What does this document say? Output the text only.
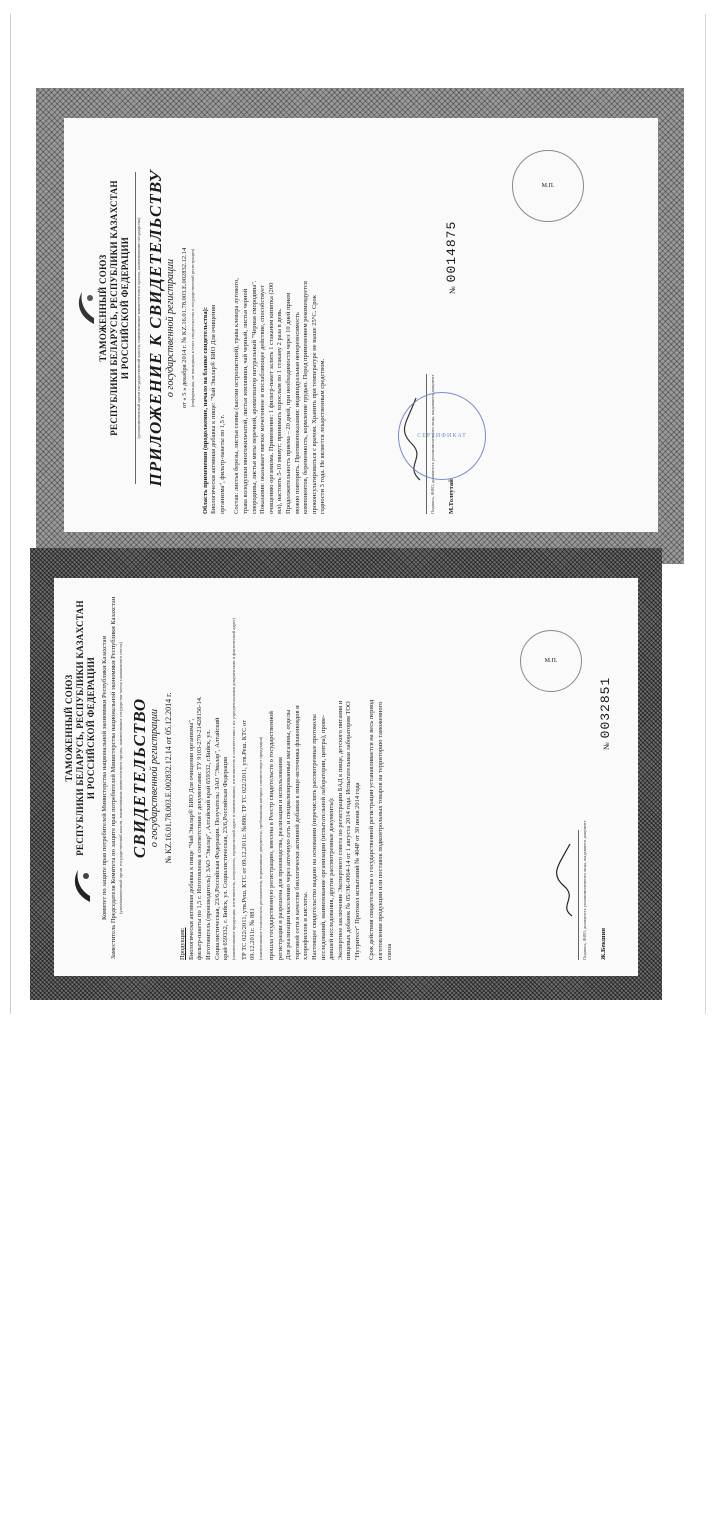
ТАМОЖЕННЫЙ СОЮЗ РЕСПУБЛИКИ БЕЛАРУСЬ, РЕСПУБЛИКИ КАЗАХСТАН И РОССИЙСКОЙ ФЕДЕРАЦИИ (уполномоченный орган государственной власти, наименование компетентного органа, наименование государства) ПРИЛОЖЕНИЕ К СВИДЕТЕЛЬСТВУ о государственной регистрации от « 5 » декабря 2014 г. № KZ.16.01.78.003.E.002832.12.14 (информация, не вошедшая в текст свидетельства о государственной регистрации) Область применения (продолжение, начало на бланке свидетельства): Биологически активная добавка к пище: "Чай Эвалар® БИО Для очищения организма", фильтр-пакеты по 1,5 г. Состав: листья березы, листья сенны (кассии остролистной), трава клевера лугового, трава володушки многожильчатой, листья земляники, чай черный, листья черной смородины, листья мяты перечной, ароматизатор натуральный "Черная смородина". Показания: оказывает мягкое мочегонное и послабляющее действие, способствует очищению организма. Применение: 1 фильтр-пакет залить 1 стаканом кипятка (200 мл), настоять 5-10 минут; принимать взрослым по 1 стакану 2 раза в день. Продолжительность приема – 20 дней, при необходимости через 10 дней прием можно повторить. Противопоказания: индивидуальная непереносимость компонентов, беременность, кормление грудью. Перед применением рекомендуется проконсультироваться с врачом. Хранить при температуре не выше 25°С. Срок годности 3 года. Не является лекарственным средством.	Подпись, ФИО, должность уполномоченного лица, выдавшего документ М.Толеутай
№ 0014875
М.П.
СЕРТИФИКАТ
ТАМОЖЕННЫЙ СОЮЗ РЕСПУБЛИКИ БЕЛАРУСЬ, РЕСПУБЛИКИ КАЗАХСТАН И РОССИЙСКОЙ ФЕДЕРАЦИИ Комитет по защите прав потребителей Министерства национальной экономики Республики Казахстан Заместитель Председателя Комитета по защите прав потребителей Министерства национальной экономики Республики Казахстан (уполномоченный орган государственной власти, наименование компетентного органа, наименование государства-члена таможенного союза) СВИДЕТЕЛЬСТВО о государственной регистрации
№ KZ.16.01.78.003.E.002832.12.14 от 05.12.2014 г.
Продукция: Биологически активная добавка к пище "Чай Эвалар® БИО Для очищения организма", фильтр-пакеты по 1,5 г. Изготовлена в соответствии с документами: ТУ 9103-270-21428156-14. Изготовитель (производитель): ЗАО "Эвалар", Алтайский край 659332, г.Бийск, ул. Социалистическая, 23/6,Российская Федерация. Получатель: ЗАО "Эвалар", Алтайский край 659332, г. Бийск, ул. Социалистическая, 23/6,Российская Федерация (наименование продукции, изготовитель, получатель, юридический адрес и наименование, изготовитель в соответствии с их учредительными документами и фактический адрес) ТР ТС 022/2011, утв.Реш. КТС от 09.12.2011г. №880; ТР ТС 022/2011, утв.Реш. КТС от 09.12.2011г. № 881 (наименование технических регламентов, нормативные документы, требованиям которых соответствует продукция) прошла государственную регистрацию, внесена в Реестр свидетельств о государственной регистрации и разрешена для производства, реализации и использования Для реализации населению через аптечную сеть и специализированные магазины, отделы торговой сети в качестве биологически активной добавки к пище-источника флавоноидов и хлорофиллов и кислоты. Настоящее свидетельство выдано на основании (перечислить рассмотренные протоколы исследований, наименование организации (испытательной лаборатории, центра), прове- дившей исследования, другие рассмотренные документы): Экспертное заключение Экспертного совета по регистрации БАД к пище, детского питания и пищевых добавок № 05/ЭК-0064-14 от 1 августа 2014 года. Испытательная лаборатория ТОО "Нутритест" Протокол испытаний № 404Р от 30 июня 2014 года Срок действия свидетельства о государственной регистрации устанавливается на весь период изготовления продукции или поставок подконтрольных товаров на территорию таможенного союза	Подпись, ФИО, должность уполномоченного лица, выдавшего документ Ж.Бекшин
№ 0032851
М.П.
